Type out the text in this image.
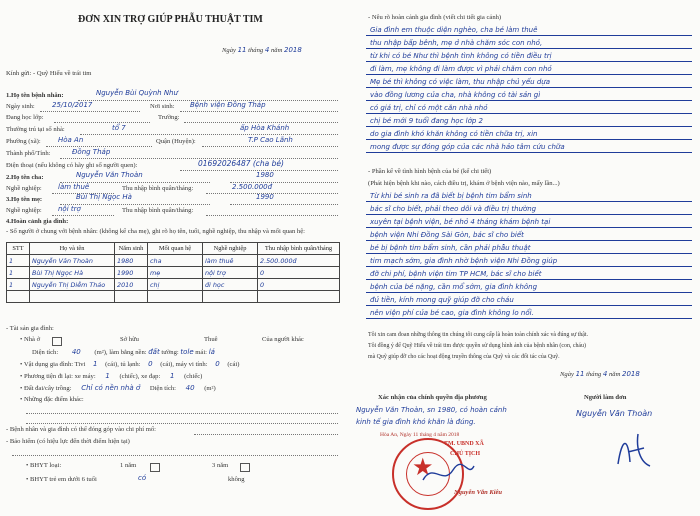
ĐƠN XIN TRỢ GIÚP PHẪU THUẬT TIM
Ngày 11 tháng 4 năm 2018
Kính gửi: - Quỹ Hiếu về trái tim
1.Họ tên bệnh nhân:	Nguyễn Bùi Quỳnh Như
Ngày sinh: 25/10/2017	Nơi sinh: Bệnh viện Đồng Tháp
Đang học lớp:	Trường:
Thường trú tại số nhà:	tổ 7	ấp Hòa Khánh
Phường (xã): Hòa An	Quận (Huyện):	T.P Cao Lãnh
Thành phố/Tỉnh:	Đồng Tháp
Điện thoại (nếu không có hãy ghi số người quen):	01692026487 (cha bé)
2.Họ tên cha:	Nguyễn Văn Thoàn	1980
Nghề nghiệp: làm thuê	Thu nhập bình quân/tháng:	2.500.000đ
3.Họ tên mẹ:	Bùi Thị Ngọc Hà	1990
Nghề nghiệp: nội trợ	Thu nhập bình quân/tháng:
4.Hoàn cảnh gia đình:
- Số người ở chung với bệnh nhân: (không kể cha mẹ), ghi rõ họ tên, tuổi, nghề nghiệp, thu nhập và mối quan hệ:
STT	Họ và tên	Năm sinh	Mối quan hệ	Nghề nghiệp	Thu nhập bình quân/tháng
1	Nguyễn Văn Thoàn	1980	cha	làm thuê	2.500.000đ
1	Bùi Thị Ngọc Hà	1990	mẹ	nội trợ	0
1	Nguyễn Thị Diễm Thảo	2010	chị	đi học	0

- Tài sản gia đình:
• Nhà ở	Sở hữu	Thuê	Của người khác
Diện tích: 40 (m²), làm bằng nền: đất tường: tole mái: lá
• Vật dụng gia đình: Tivi 1 (cái), tủ lạnh: 0 (cái), máy vi tính: 0 (cái)
• Phương tiện đi lại: xe máy: 1 (chiếc), xe đạp: 1 (chiếc)
• Đất đai/cây trồng: Chỉ có nền nhà ở Diện tích: 40 (m²)
• Những đặc điểm khác:
- Bệnh nhân và gia đình có thể đóng góp vào chi phí mổ:
- Bảo hiểm (có hiệu lực đến thời điểm hiện tại)
• BHYT loại:	1 năm	3 năm
• BHYT trẻ em dưới 6 tuổi	có	không
- Nêu rõ hoàn cảnh gia đình (viết chi tiết gia cảnh)
Gia đình em thuộc diện nghèo, cha bé làm thuê
thu nhập bấp bênh, mẹ ở nhà chăm sóc con nhỏ,
từ khi có bé Như thì bệnh tình không có tiền điều trị
đi làm, mẹ không đi làm được vì phải chăm con nhỏ
Mẹ bé thì không có việc làm, thu nhập chủ yếu dựa
vào đồng lương của cha, nhà không có tài sản gì
có giá trị, chỉ có một căn nhà nhỏ
chị bé mới 9 tuổi đang học lớp 2
do gia đình khó khăn không có tiền chữa trị, xin
mong được sự đóng góp của các nhà hảo tâm cứu chữa
- Phần kể về tình hình bệnh của bé (kể chi tiết)
(Phát hiện bệnh khi nào, cách điều trị, khám ở bệnh viện nào, mấy lần...)
Từ khi bé sinh ra đã biết bị bệnh tim bẩm sinh
bác sĩ cho biết, phải theo dõi và điều trị thường
xuyên tại bệnh viện, bé nhỏ 4 tháng khám bệnh tại
bệnh viện Nhi Đồng Sài Gòn, bác sĩ cho biết
bé bị bệnh tim bẩm sinh, cần phải phẫu thuật
tim mạch sớm, gia đình nhờ bệnh viện Nhi Đồng giúp
đỡ chi phí, bệnh viện tim TP HCM, bác sĩ cho biết
bệnh của bé nặng, cần mổ sớm, gia đình không
đủ tiền, kính mong quỹ giúp đỡ cho cháu
nên viện phí của bé cao, gia đình không lo nổi.
Tôi xin cam đoan những thông tin chúng tôi cung cấp là hoàn toàn chính xác và đúng sự thật.
Tôi đồng ý để Quỹ Hiếu về trái tim được quyền sử dụng hình ảnh của bệnh nhân (con, cháu)
mà Quỹ giúp đỡ cho các hoạt động truyền thông của Quỹ và các đối tác của Quỹ.
Ngày 11 tháng 4 năm 2018
Xác nhận của chính quyền địa phương
Nguyễn Văn Thoàn, sn 1980, có hoàn cảnh
kinh tế gia đình khó khăn là đúng.
Hòa An, Ngày 11 tháng 4 năm 2018
★
TM. UBND XÃ
CHỦ TỊCH
Nguyễn Văn Kiêu
Người làm đơn
Nguyễn Văn Thoàn
